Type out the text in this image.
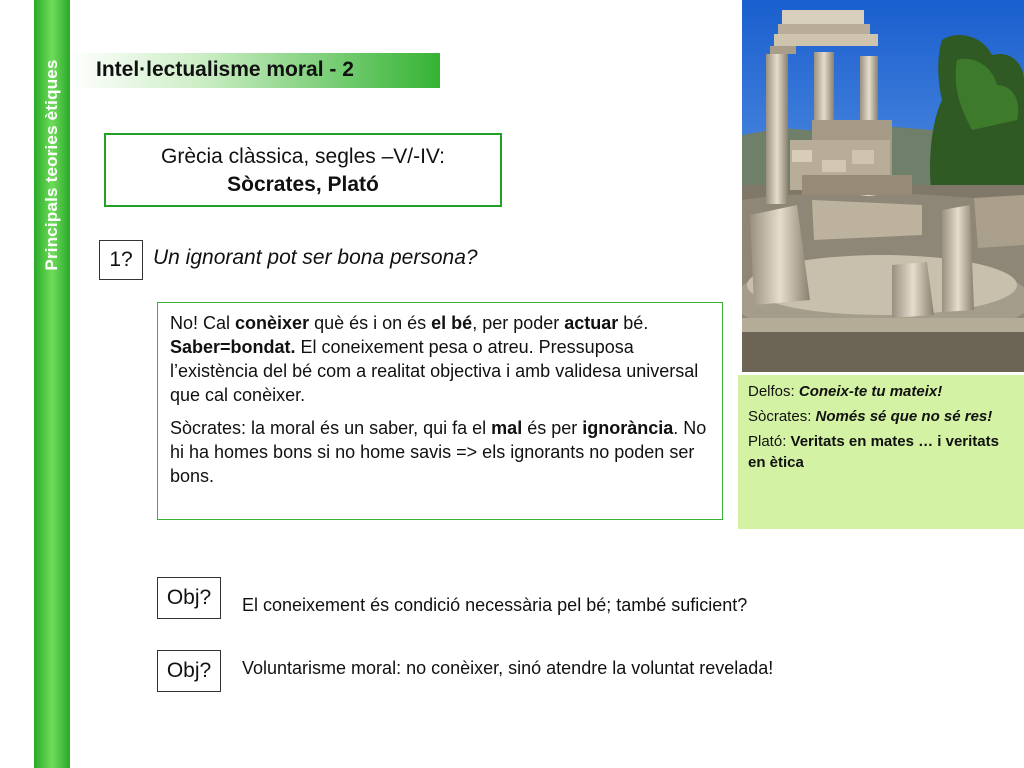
Principals teories ètiques Intel·lectualisme moral - 2
Grècia clàssica, segles –V/-IV:
Sòcrates, Plató
1? Un ignorant pot ser bona persona?

No! Cal conèixer què és i on és el bé, per poder actuar bé. Saber=bondat. El coneixement pesa o atreu. Pressuposa l’existència del bé com a realitat objectiva i amb validesa universal que cal conèixer.

Sòcrates: la moral és un saber, qui fa el mal és per ignorància. No hi ha homes bons si no home savis => els ignorants no poden ser bons.

Delfos: Coneix-te tu mateix!

Sòcrates: Només sé que no sé res!

Plató: Veritats en mates … i veritats en ètica

Obj?	El coneixement és condició necessària pel bé; també suficient?
Obj?	Voluntarisme moral: no conèixer, sinó atendre la voluntat revelada!
